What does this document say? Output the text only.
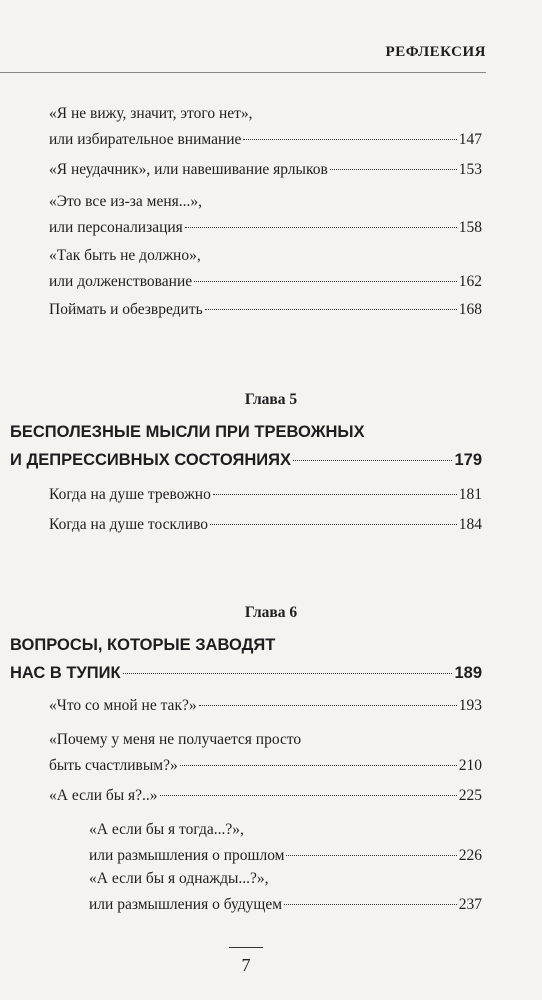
РЕФЛЕКСИЯ
«Я не вижу, значит, этого нет»,
или избирательное внимание	147
«Я неудачник», или навешивание ярлыков	153
«Это все из-за меня...»,
или персонализация	158
«Так быть не должно»,
или долженствование	162
Поймать и обезвредить	168
Глава 5
БЕСПОЛЕЗНЫЕ МЫСЛИ ПРИ ТРЕВОЖНЫХ
И ДЕПРЕССИВНЫХ СОСТОЯНИЯХ	179
Когда на душе тревожно	181
Когда на душе тоскливо	184
Глава 6
ВОПРОСЫ, КОТОРЫЕ ЗАВОДЯТ
НАС В ТУПИК	189
«Что со мной не так?»	193
«Почему у меня не получается просто
быть счастливым?»	210
«А если бы я?..»	225
«А если бы я тогда...?»,
или размышления о прошлом	226
«А если бы я однажды...?»,
или размышления о будущем	237
7
